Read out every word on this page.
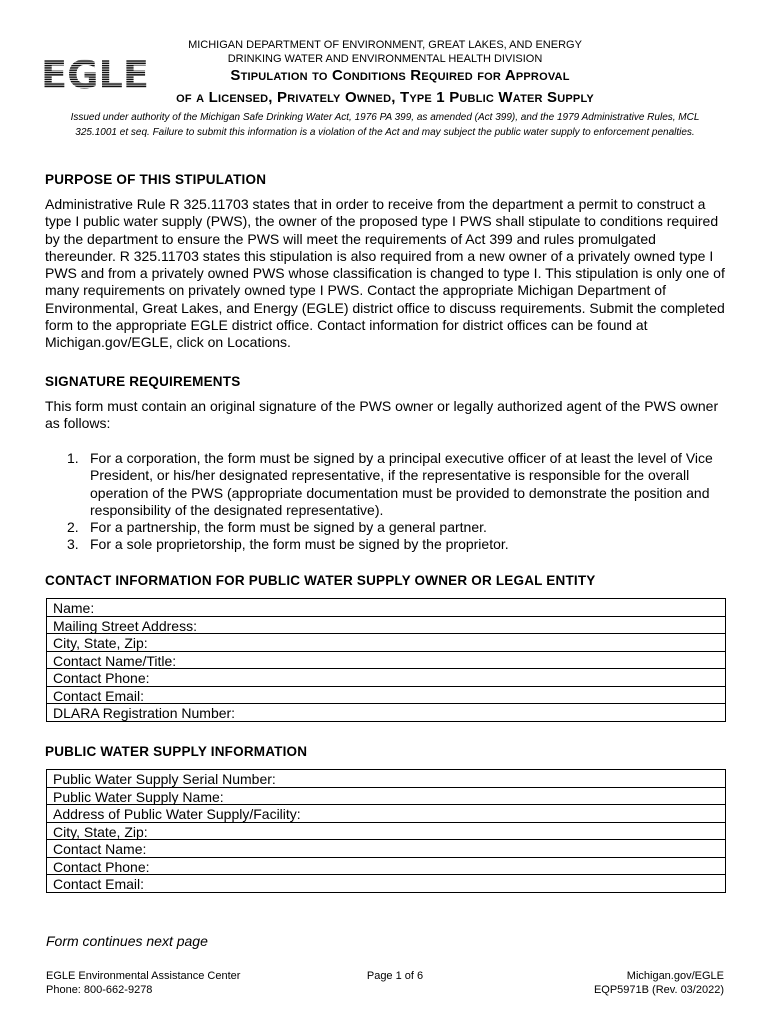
EGLE
MICHIGAN DEPARTMENT OF ENVIRONMENT, GREAT LAKES, AND ENERGY
DRINKING WATER AND ENVIRONMENTAL HEALTH DIVISION
Stipulation to Conditions Required for Approval
of a Licensed, Privately Owned, Type 1 Public Water Supply
Issued under authority of the Michigan Safe Drinking Water Act, 1976 PA 399, as amended (Act 399), and the 1979 Administrative Rules, MCL 325.1001 et seq. Failure to submit this information is a violation of the Act and may subject the public water supply to enforcement penalties.
PURPOSE OF THIS STIPULATION
Administrative Rule R 325.11703 states that in order to receive from the department a permit to construct a type I public water supply (PWS), the owner of the proposed type I PWS shall stipulate to conditions required by the department to ensure the PWS will meet the requirements of Act 399 and rules promulgated thereunder. R 325.11703 states this stipulation is also required from a new owner of a privately owned type I PWS and from a privately owned PWS whose classification is changed to type I. This stipulation is only one of many requirements on privately owned type I PWS. Contact the appropriate Michigan Department of Environmental, Great Lakes, and Energy (EGLE) district office to discuss requirements. Submit the completed form to the appropriate EGLE district office. Contact information for district offices can be found at Michigan.gov/EGLE, click on Locations.
SIGNATURE REQUIREMENTS
This form must contain an original signature of the PWS owner or legally authorized agent of the PWS owner as follows:
1. For a corporation, the form must be signed by a principal executive officer of at least the level of Vice President, or his/her designated representative, if the representative is responsible for the overall operation of the PWS (appropriate documentation must be provided to demonstrate the position and responsibility of the designated representative).
2. For a partnership, the form must be signed by a general partner.
3. For a sole proprietorship, the form must be signed by the proprietor.
CONTACT INFORMATION FOR PUBLIC WATER SUPPLY OWNER OR LEGAL ENTITY
Name:
Mailing Street Address:
City, State, Zip:
Contact Name/Title:
Contact Phone:
Contact Email:
DLARA Registration Number:
PUBLIC WATER SUPPLY INFORMATION
Public Water Supply Serial Number:
Public Water Supply Name:
Address of Public Water Supply/Facility:
City, State, Zip:
Contact Name:
Contact Phone:
Contact Email:
Form continues next page
EGLE Environmental Assistance Center
Phone: 800-662-9278
Page 1 of 6	Michigan.gov/EGLE
EQP5971B (Rev. 03/2022)
